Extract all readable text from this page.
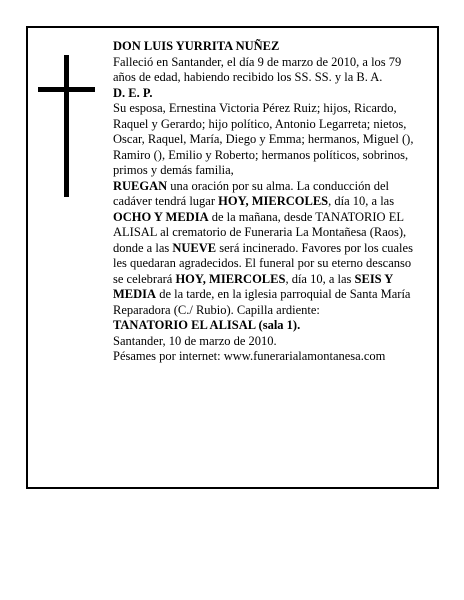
DON LUIS YURRITA NUÑEZ

Falleció en Santander, el día 9 de marzo de 2010, a los 79 años de edad, habiendo recibido los SS. SS. y la B. A.

D. E. P.

Su esposa, Ernestina Victoria Pérez Ruiz; hijos, Ricardo, Raquel y Gerardo; hijo político, Antonio Legarreta; nietos, Oscar, Raquel, María, Diego y Emma; hermanos, Miguel (), Ramiro (), Emilio y Roberto; hermanos políticos, sobrinos, primos y demás familia,

RUEGAN una oración por su alma. La conducción del cadáver tendrá lugar HOY, MIERCOLES, día 10, a las OCHO Y MEDIA de la mañana, desde TANATORIO EL ALISAL al crematorio de Funeraria La Montañesa (Raos), donde a las NUEVE será incinerado. Favores por los cuales les quedaran agradecidos. El funeral por su eterno descanso se celebrará HOY, MIERCOLES, día 10, a las SEIS Y MEDIA de la tarde, en la iglesia parroquial de Santa María Reparadora (C./ Rubio). Capilla ardiente:

TANATORIO EL ALISAL (sala 1).

Santander, 10 de marzo de 2010.

Pésames por internet: www.funerarialamontanesa.com
